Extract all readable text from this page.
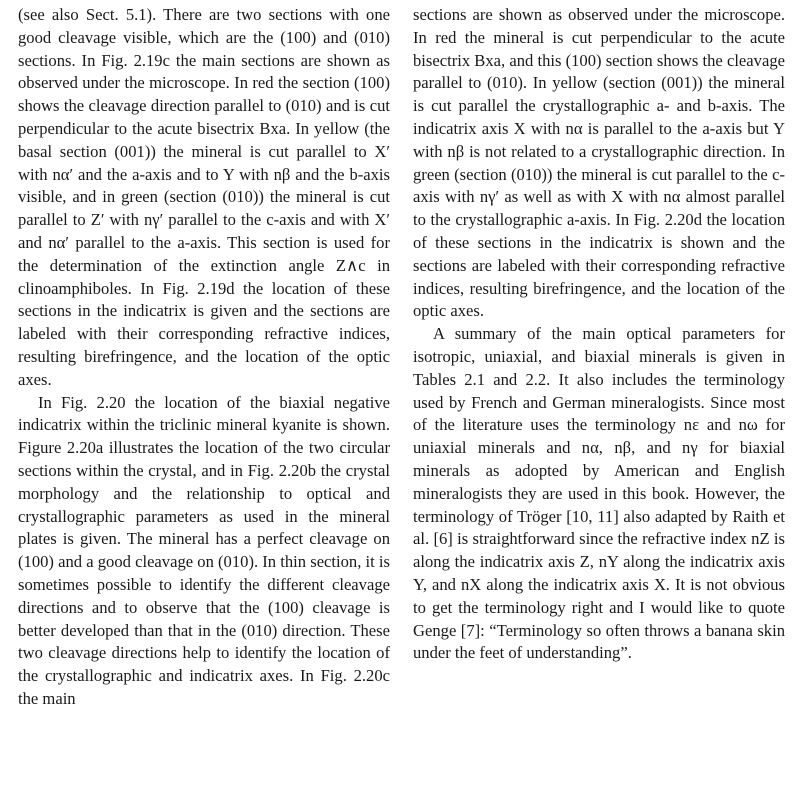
(see also Sect. 5.1). There are two sections with one good cleavage visible, which are the (100) and (010) sections. In Fig. 2.19c the main sections are shown as observed under the microscope. In red the section (100) shows the cleavage direction parallel to (010) and is cut perpendicular to the acute bisectrix Bxa. In yellow (the basal section (001)) the mineral is cut parallel to X′ with nα′ and the a-axis and to Y with nβ and the b-axis visible, and in green (section (010)) the mineral is cut parallel to Z′ with nγ′ parallel to the c-axis and with X′ and nα′ parallel to the a-axis. This section is used for the determination of the extinction angle Z∧c in clinoamphiboles. In Fig. 2.19d the location of these sections in the indicatrix is given and the sections are labeled with their corresponding refractive indices, resulting birefringence, and the location of the optic axes.

In Fig. 2.20 the location of the biaxial negative indicatrix within the triclinic mineral kyanite is shown. Figure 2.20a illustrates the location of the two circular sections within the crystal, and in Fig. 2.20b the crystal morphology and the relationship to optical and crystallographic parameters as used in the mineral plates is given. The mineral has a perfect cleavage on (100) and a good cleavage on (010). In thin section, it is sometimes possible to identify the different cleavage directions and to observe that the (100) cleavage is better developed than that in the (010) direction. These two cleavage directions help to identify the location of the crystallographic and indicatrix axes. In Fig. 2.20c the main

sections are shown as observed under the microscope. In red the mineral is cut perpendicular to the acute bisectrix Bxa, and this (100) section shows the cleavage parallel to (010). In yellow (section (001)) the mineral is cut parallel the crystallographic a- and b-axis. The indicatrix axis X with nα is parallel to the a-axis but Y with nβ is not related to a crystallographic direction. In green (section (010)) the mineral is cut parallel to the c-axis with nγ′ as well as with X with nα almost parallel to the crystallographic a-axis. In Fig. 2.20d the location of these sections in the indicatrix is shown and the sections are labeled with their corresponding refractive indices, resulting birefringence, and the location of the optic axes.

A summary of the main optical parameters for isotropic, uniaxial, and biaxial minerals is given in Tables 2.1 and 2.2. It also includes the terminology used by French and German mineralogists. Since most of the literature uses the terminology nε and nω for uniaxial minerals and nα, nβ, and nγ for biaxial minerals as adopted by American and English mineralogists they are used in this book. However, the terminology of Tröger [10, 11] also adapted by Raith et al. [6] is straightforward since the refractive index nZ is along the indicatrix axis Z, nY along the indicatrix axis Y, and nX along the indicatrix axis X. It is not obvious to get the terminology right and I would like to quote Genge [7]: “Terminology so often throws a banana skin under the feet of understanding”.
